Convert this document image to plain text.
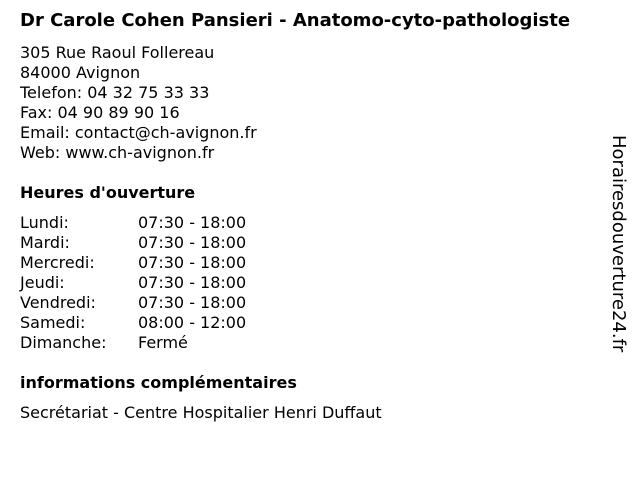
Dr Carole Cohen Pansieri - Anatomo-cyto-pathologiste
305 Rue Raoul Follereau
84000 Avignon
Telefon: 04 32 75 33 33
Fax: 04 90 89 90 16
Email: contact@ch-avignon.fr
Web: www.ch-avignon.fr
Heures d'ouverture
Lundi:	07:30 - 18:00
Mardi:	07:30 - 18:00
Mercredi:	07:30 - 18:00
Jeudi:	07:30 - 18:00
Vendredi:	07:30 - 18:00
Samedi:	08:00 - 12:00
Dimanche:	Fermé
informations complémentaires
Secrétariat - Centre Hospitalier Henri Duffaut
Horairesdouverture24.fr
